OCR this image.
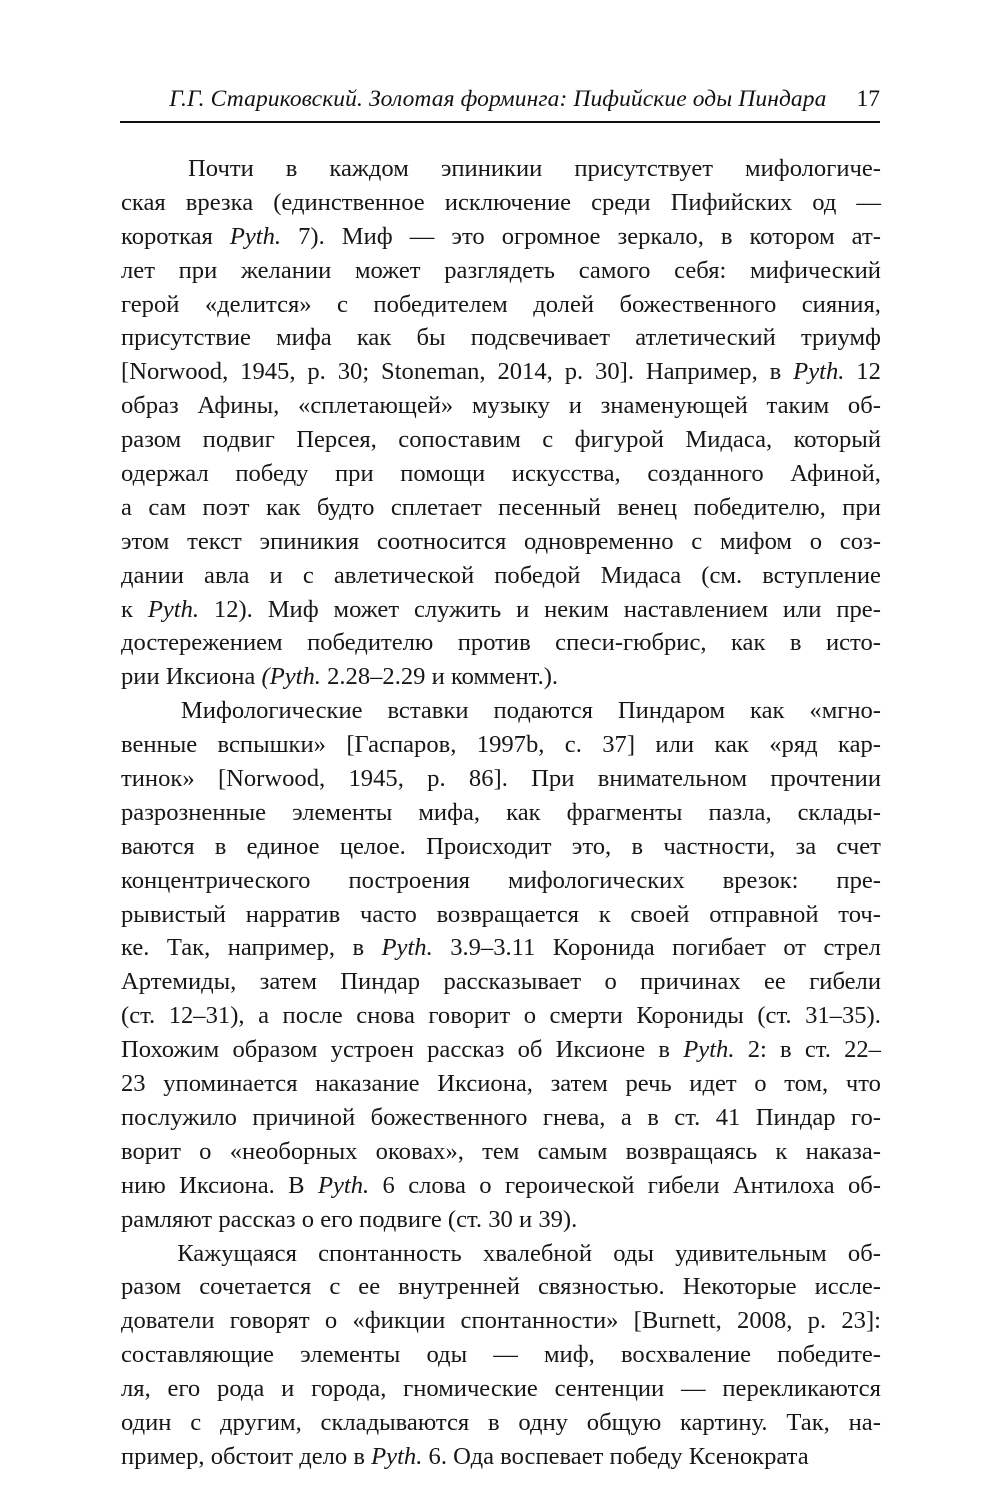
Г.Г. Стариковский. Золотая форминга: Пифийские оды Пиндара 17
Почти в каждом эпиникии присутствует мифологиче-
ская врезка (единственное исключение среди Пифийских од —
короткая Pyth. 7). Миф — это огромное зеркало, в котором ат-
лет при желании может разглядеть самого себя: мифический
герой «делится» с победителем долей божественного сияния,
присутствие мифа как бы подсвечивает атлетический триумф
[Norwood, 1945, p. 30; Stoneman, 2014, p. 30]. Например, в Pyth. 12
образ Афины, «сплетающей» музыку и знаменующей таким об-
разом подвиг Персея, сопоставим с фигурой Мидаса, который
одержал победу при помощи искусства, созданного Афиной,
а сам поэт как будто сплетает песенный венец победителю, при
этом текст эпиникия соотносится одновременно с мифом о соз-
дании авла и с авлетической победой Мидаса (см. вступление
к Pyth. 12). Миф может служить и неким наставлением или пре-
достережением победителю против спеси-гюбрис, как в исто-
рии Иксиона (Pyth. 2.28–2.29 и коммент.).
Мифологические вставки подаются Пиндаром как «мгно-
венные вспышки» [Гаспаров, 1997b, с. 37] или как «ряд кар-
тинок» [Norwood, 1945, p. 86]. При внимательном прочтении
разрозненные элементы мифа, как фрагменты пазла, склады-
ваются в единое целое. Происходит это, в частности, за счет
концентрического построения мифологических врезок: пре-
рывистый нарратив часто возвращается к своей отправной точ-
ке. Так, например, в Pyth. 3.9–3.11 Коронида погибает от стрел
Артемиды, затем Пиндар рассказывает о причинах ее гибели
(ст. 12–31), а после снова говорит о смерти Корониды (ст. 31–35).
Похожим образом устроен рассказ об Иксионе в Pyth. 2: в ст. 22–
23 упоминается наказание Иксиона, затем речь идет о том, что
послужило причиной божественного гнева, а в ст. 41 Пиндар го-
ворит о «необорных оковах», тем самым возвращаясь к наказа-
нию Иксиона. В Pyth. 6 слова о героической гибели Антилоха об-
рамляют рассказ о его подвиге (ст. 30 и 39).
Кажущаяся спонтанность хвалебной оды удивительным об-
разом сочетается с ее внутренней связностью. Некоторые иссле-
дователи говорят о «фикции спонтанности» [Burnett, 2008, p. 23]:
составляющие элементы оды — миф, восхваление победите-
ля, его рода и города, гномические сентенции — перекликаются
один с другим, складываются в одну общую картину. Так, на-
пример, обстоит дело в Pyth. 6. Ода воспевает победу Ксенократа
